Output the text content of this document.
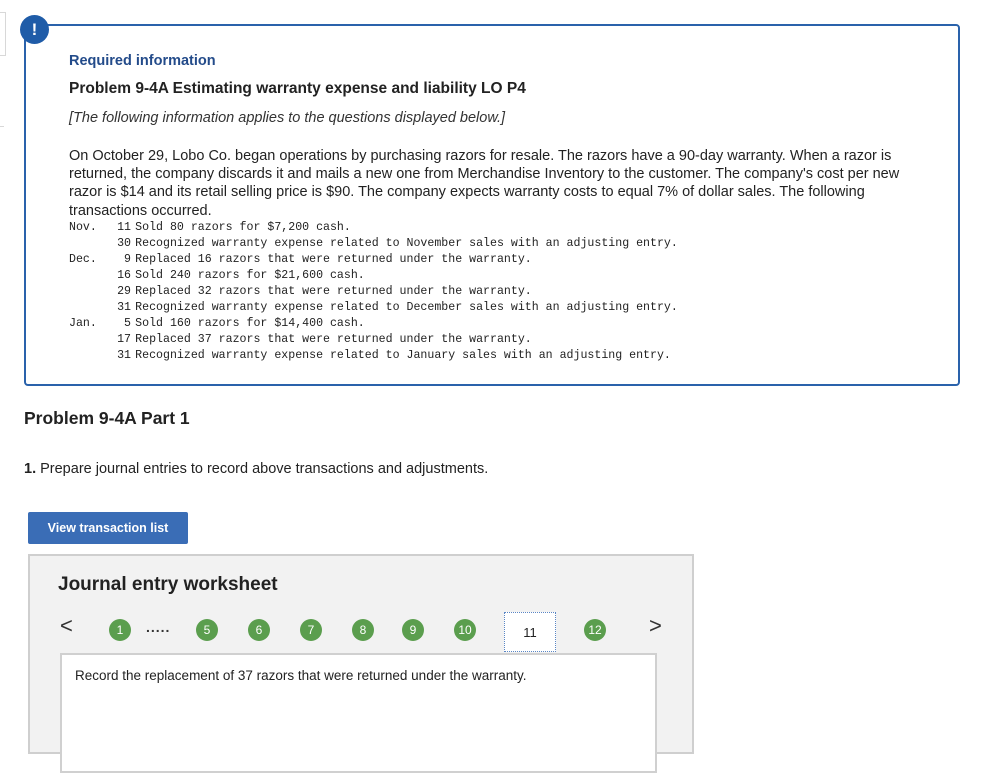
Required information
Problem 9-4A Estimating warranty expense and liability LO P4
[The following information applies to the questions displayed below.]
On October 29, Lobo Co. began operations by purchasing razors for resale. The razors have a 90-day warranty. When a razor is returned, the company discards it and mails a new one from Merchandise Inventory to the customer. The company's cost per new razor is $14 and its retail selling price is $90. The company expects warranty costs to equal 7% of dollar sales. The following transactions occurred.
Nov. 11 Sold 80 razors for $7,200 cash.
30 Recognized warranty expense related to November sales with an adjusting entry.
Dec. 9 Replaced 16 razors that were returned under the warranty.
16 Sold 240 razors for $21,600 cash.
29 Replaced 32 razors that were returned under the warranty.
31 Recognized warranty expense related to December sales with an adjusting entry.
Jan. 5 Sold 160 razors for $14,400 cash.
17 Replaced 37 razors that were returned under the warranty.
31 Recognized warranty expense related to January sales with an adjusting entry.
!
Problem 9-4A Part 1
1. Prepare journal entries to record above transactions and adjustments.
View transaction list
Journal entry worksheet
<	1	.....	5	6	7	8	9	10	11	12 >
Record the replacement of 37 razors that were returned under the warranty.
